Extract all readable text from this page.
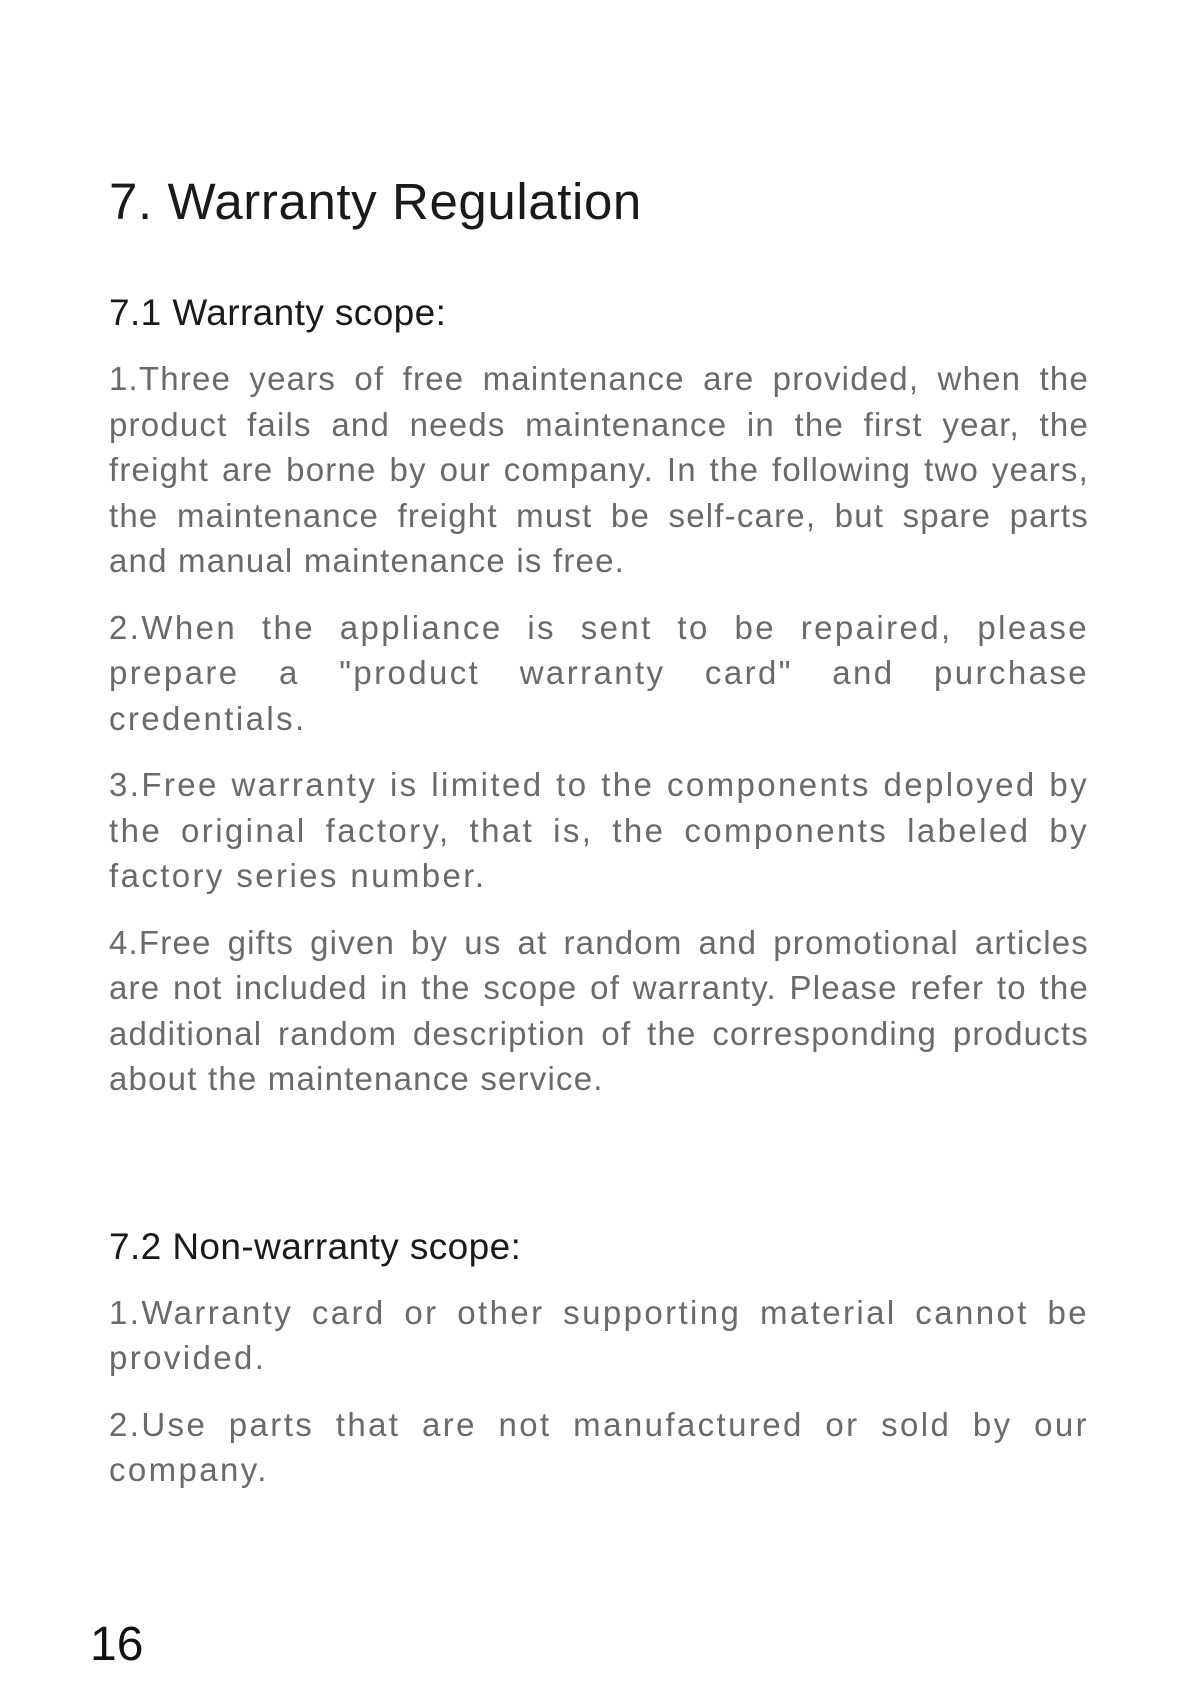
7. Warranty Regulation
7.1 Warranty scope:

1.Three years of free maintenance are provided, when the product fails and needs maintenance in the first year, the freight are borne by our company. In the following two years, the maintenance freight must be self-care, but spare parts and manual maintenance is free.

2.When the appliance is sent to be repaired, please prepare a "product warranty card" and purchase credentials.

3.Free warranty is limited to the components deployed by the original factory, that is, the components labeled by factory series number.

4.Free gifts given by us at random and promotional articles are not included in the scope of warranty. Please refer to the additional random description of the corresponding products about the maintenance service.

7.2 Non-warranty scope:

1.Warranty card or other supporting material cannot be provided.

2.Use parts that are not manufactured or sold by our company.

16
